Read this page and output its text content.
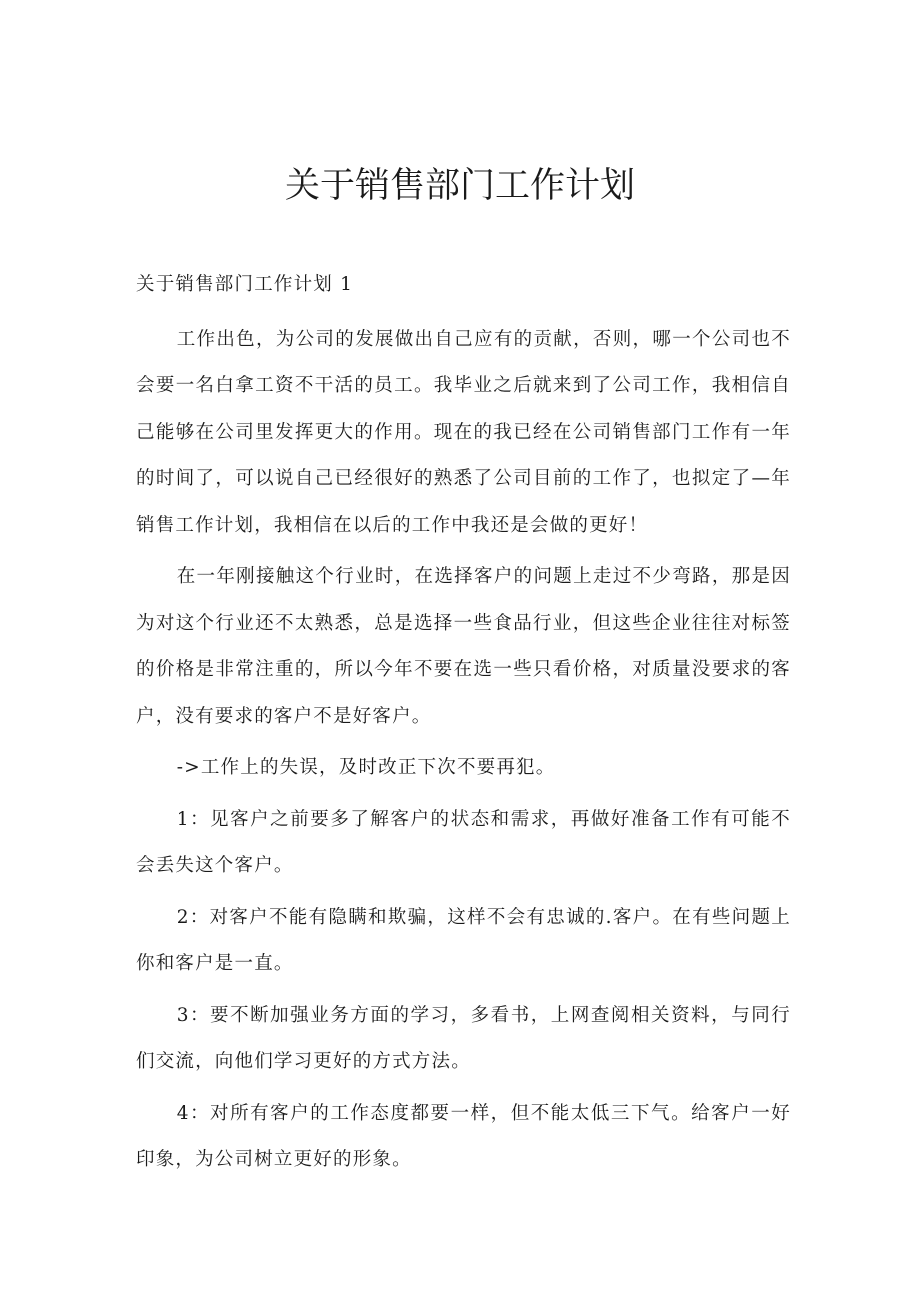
关于销售部门工作计划

关于销售部门工作计划 1

工作出色，为公司的发展做出自己应有的贡献，否则，哪一个公司也不会要一名白拿工资不干活的员工。我毕业之后就来到了公司工作，我相信自己能够在公司里发挥更大的作用。现在的我已经在公司销售部门工作有一年的时间了，可以说自己已经很好的熟悉了公司目前的工作了，也拟定了—年销售工作计划，我相信在以后的工作中我还是会做的更好！

在一年刚接触这个行业时，在选择客户的问题上走过不少弯路，那是因为对这个行业还不太熟悉，总是选择一些食品行业，但这些企业往往对标签的价格是非常注重的，所以今年不要在选一些只看价格，对质量没要求的客户，没有要求的客户不是好客户。

->工作上的失误，及时改正下次不要再犯。

1：见客户之前要多了解客户的状态和需求，再做好准备工作有可能不会丢失这个客户。

2：对客户不能有隐瞒和欺骗，这样不会有忠诚的.客户。在有些问题上你和客户是一直。

3：要不断加强业务方面的学习，多看书，上网查阅相关资料，与同行们交流，向他们学习更好的方式方法。

4：对所有客户的工作态度都要一样，但不能太低三下气。给客户一好印象，为公司树立更好的形象。
